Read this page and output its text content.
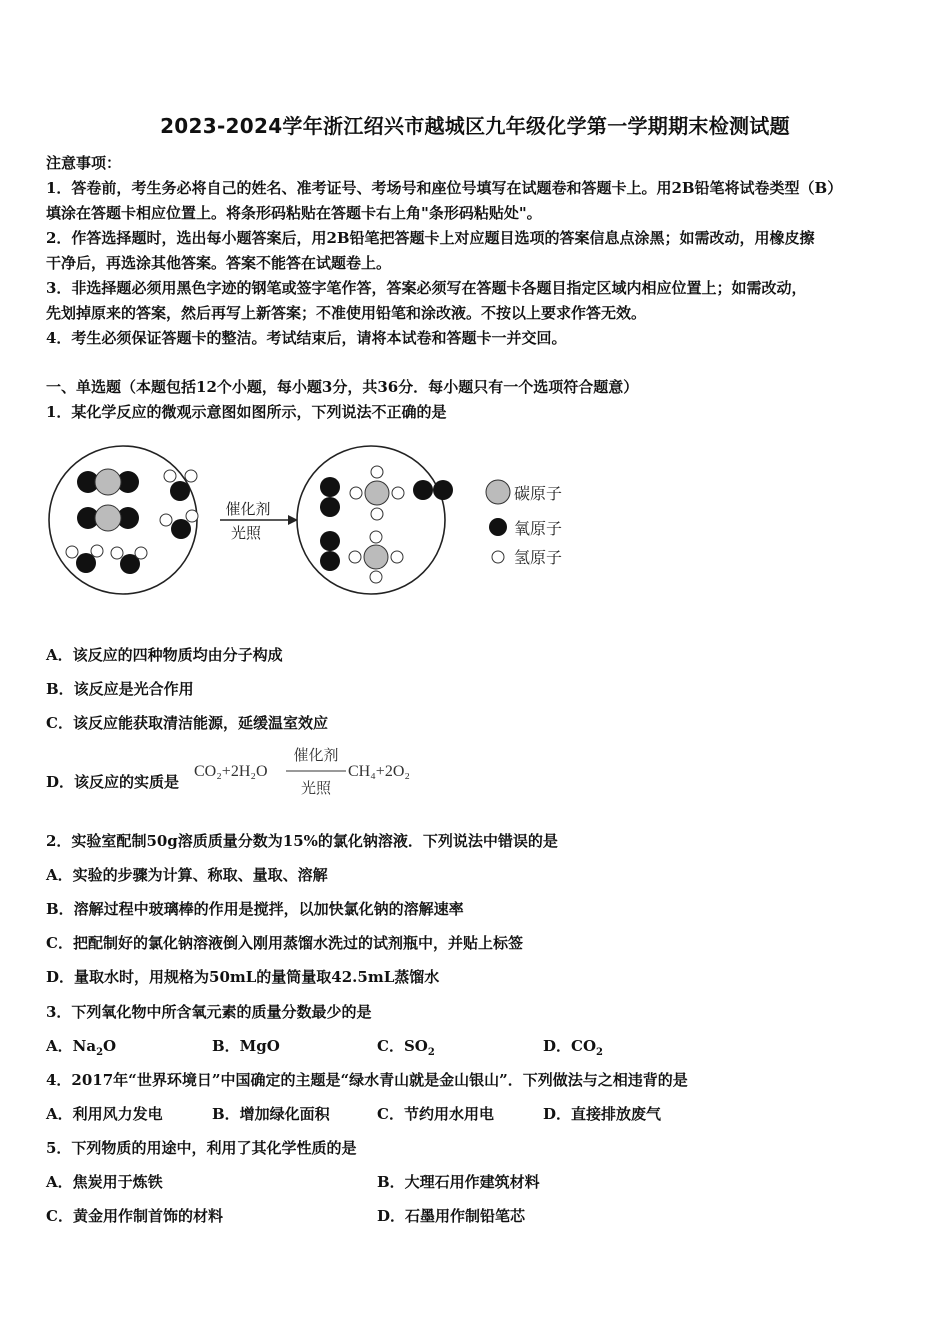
2023-2024学年浙江绍兴市越城区九年级化学第一学期期末检测试题
注意事项：
1．答卷前，考生务必将自己的姓名、准考证号、考场号和座位号填写在试题卷和答题卡上。用2B铅笔将试卷类型（B）
填涂在答题卡相应位置上。将条形码粘贴在答题卡右上角"条形码粘贴处"。
2．作答选择题时，选出每小题答案后，用2B铅笔把答题卡上对应题目选项的答案信息点涂黑；如需改动，用橡皮擦
干净后，再选涂其他答案。答案不能答在试题卷上。
3．非选择题必须用黑色字迹的钢笔或签字笔作答，答案必须写在答题卡各题目指定区域内相应位置上；如需改动，
先划掉原来的答案，然后再写上新答案；不准使用铅笔和涂改液。不按以上要求作答无效。
4．考生必须保证答题卡的整洁。考试结束后，请将本试卷和答题卡一并交回。
一、单选题（本题包括12个小题，每小题3分，共36分．每小题只有一个选项符合题意）
1．某化学反应的微观示意图如图所示，下列说法不正确的是
催化剂
光照
碳原子
氧原子
氢原子
A．该反应的四种物质均由分子构成
B．该反应是光合作用
C．该反应能获取清洁能源，延缓温室效应
D．该反应的实质是
CO₂+2H₂O
催化剂
光照
CH₄+2O₂
2．实验室配制50g溶质质量分数为15%的氯化钠溶液．下列说法中错误的是
A．实验的步骤为计算、称取、量取、溶解
B．溶解过程中玻璃棒的作用是搅拌，以加快氯化钠的溶解速率
C．把配制好的氯化钠溶液倒入刚用蒸馏水洗过的试剂瓶中，并贴上标签
D．量取水时，用规格为50mL的量筒量取42.5mL蒸馏水
3．下列氧化物中所含氧元素的质量分数最少的是
A．$Na_2O$	B．MgO	C．$SO_2$	D．$CO_2$
4．2017年“世界环境日”中国确定的主题是“绿水青山就是金山银山”．下列做法与之相违背的是
A．利用风力发电	B．增加绿化面积	C．节约用水用电	D．直接排放废气
5．下列物质的用途中，利用了其化学性质的是
A．焦炭用于炼铁	B．大理石用作建筑材料
C．黄金用作制首饰的材料	D．石墨用作制铅笔芯
